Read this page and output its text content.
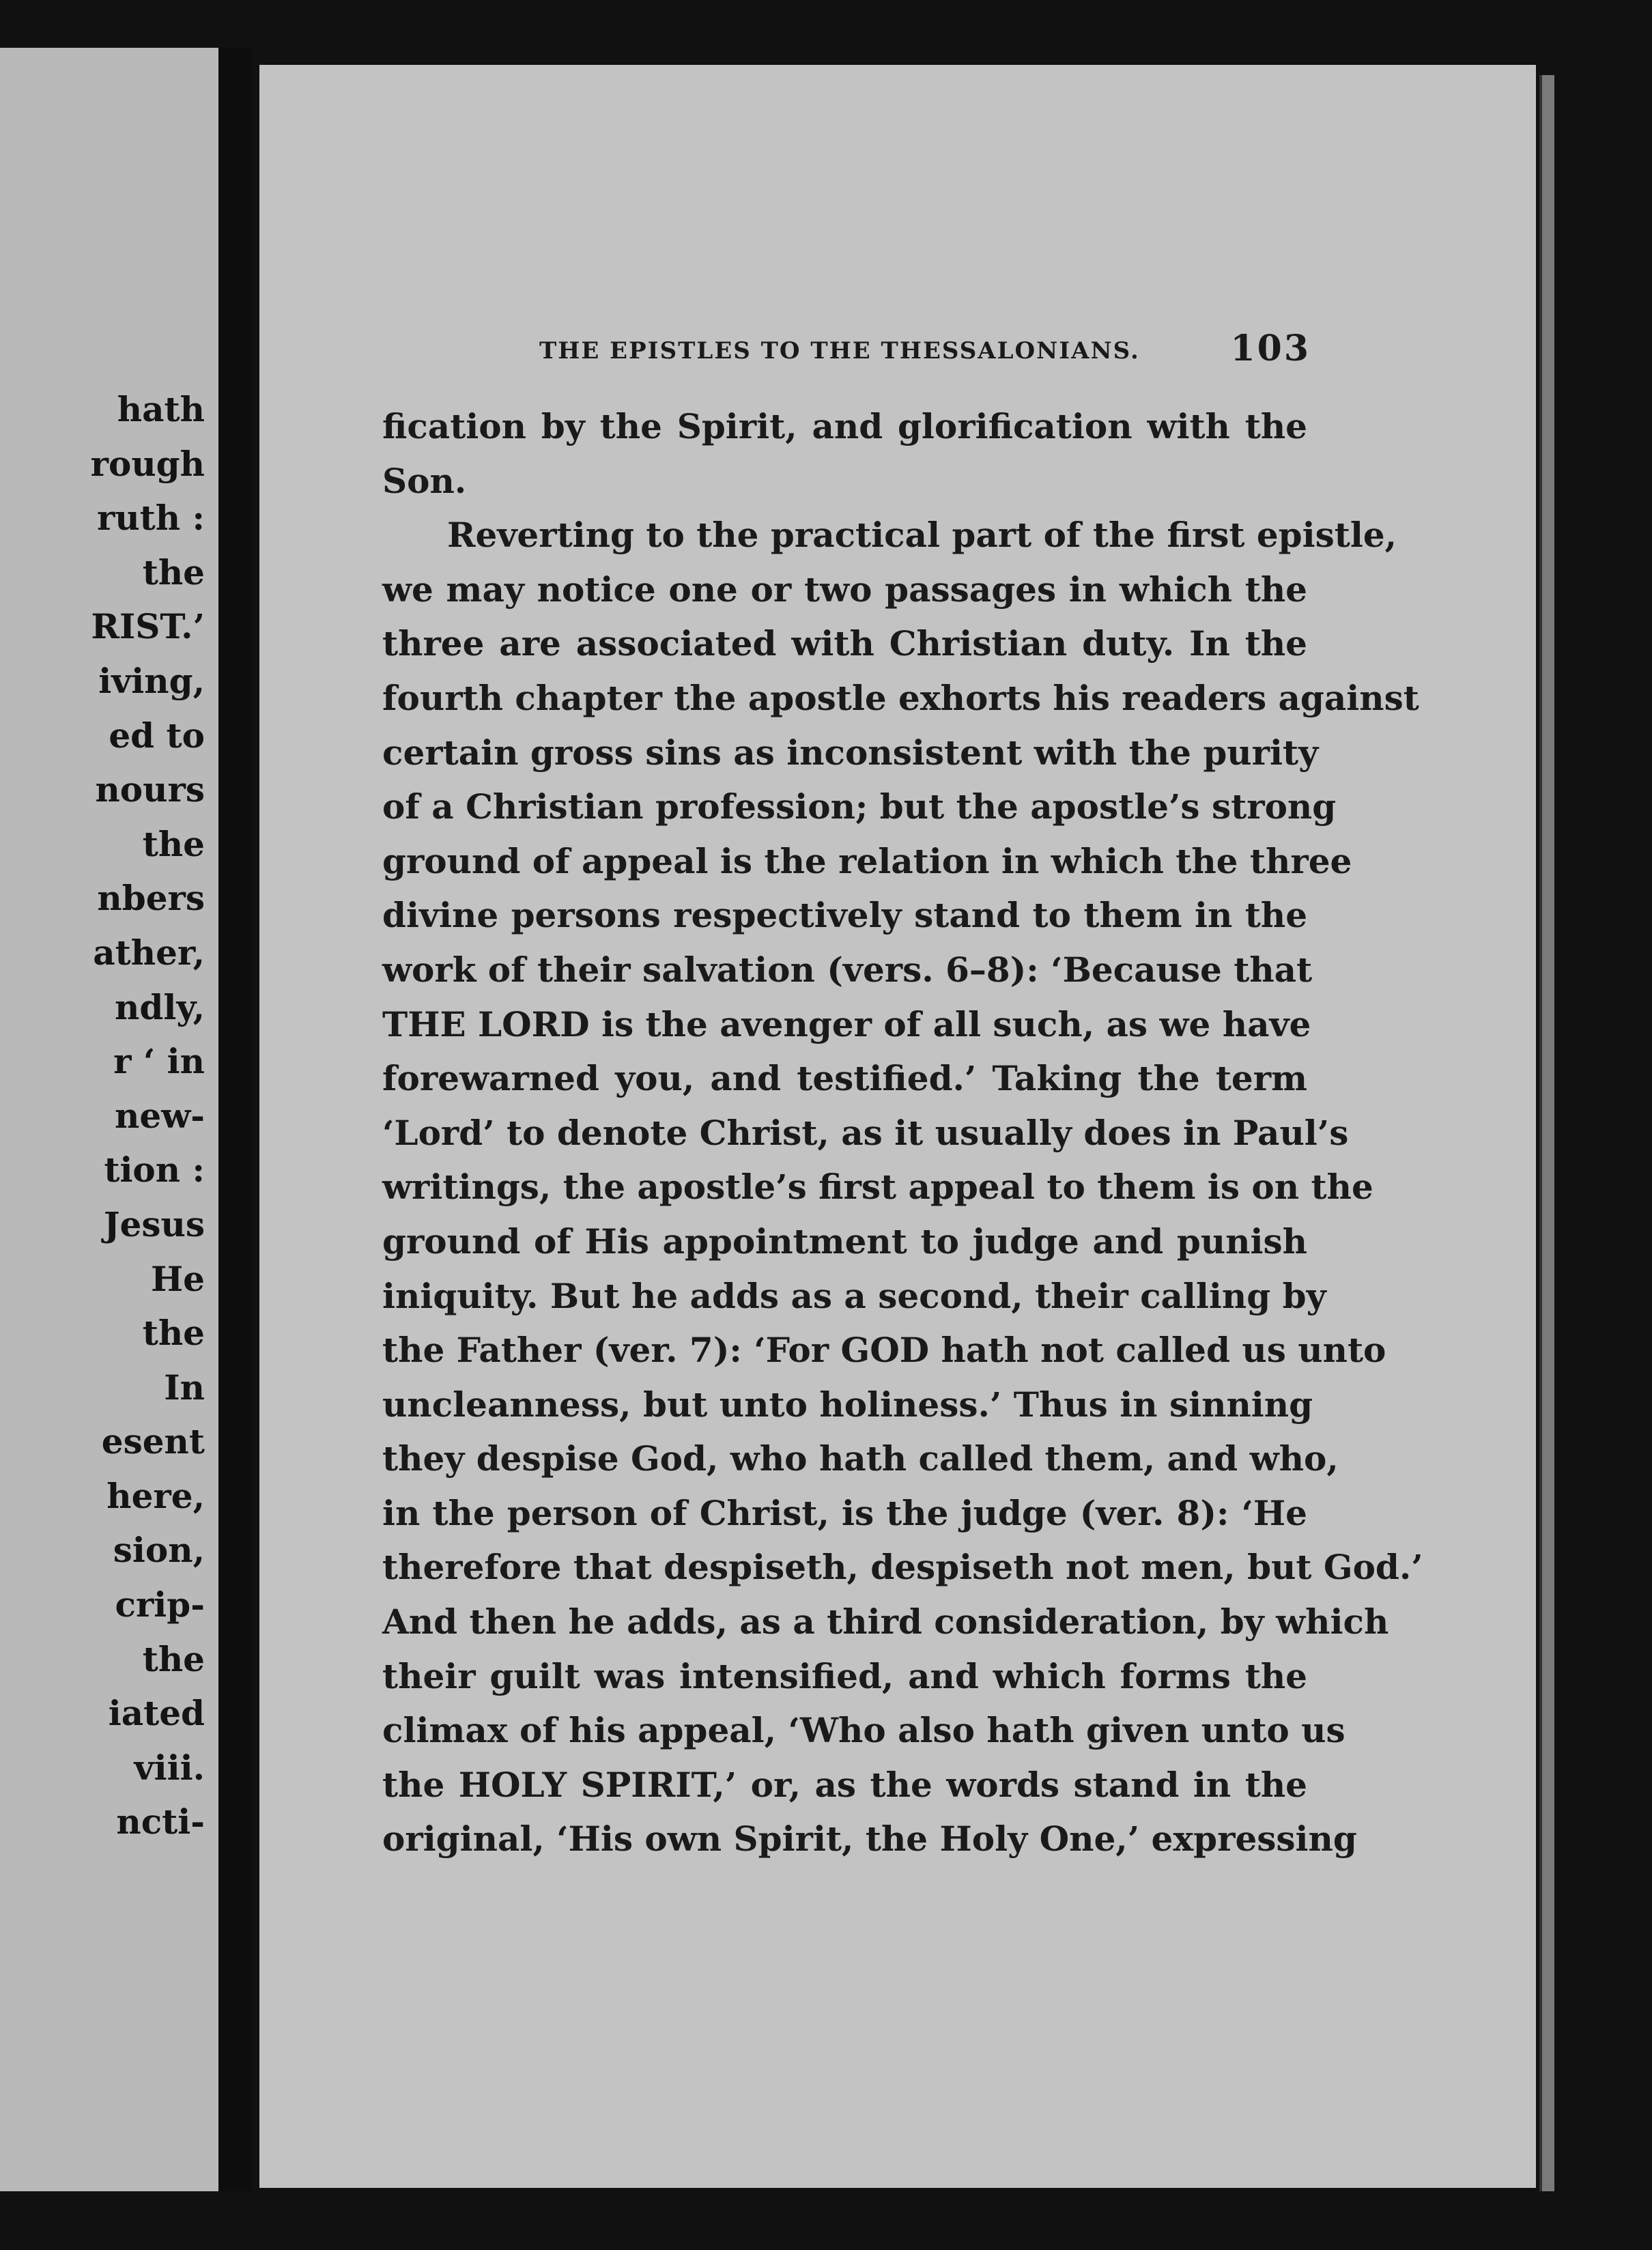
hath
rough
ruth :
the
RIST.’
iving,
ed to
nours
the
nbers
ather,
ndly,
r ‘ in
new-
tion :
Jesus
He
the
In
esent
here,
sion,
crip-
the
iated
viii.
ncti-
THE EPISTLES TO THE THESSALONIANS.	103
fication by the Spirit, and glorification with the
Son.
Reverting to the practical part of the first epistle,
we may notice one or two passages in which the
three are associated with Christian duty. In the
fourth chapter the apostle exhorts his readers against
certain gross sins as inconsistent with the purity
of a Christian profession; but the apostle’s strong
ground of appeal is the relation in which the three
divine persons respectively stand to them in the
work of their salvation (vers. 6–8): ‘Because that
THE LORD is the avenger of all such, as we have
forewarned you, and testified.’ Taking the term
‘Lord’ to denote Christ, as it usually does in Paul’s
writings, the apostle’s first appeal to them is on the
ground of His appointment to judge and punish
iniquity. But he adds as a second, their calling by
the Father (ver. 7): ‘For GOD hath not called us unto
uncleanness, but unto holiness.’ Thus in sinning
they despise God, who hath called them, and who,
in the person of Christ, is the judge (ver. 8): ‘He
therefore that despiseth, despiseth not men, but God.’
And then he adds, as a third consideration, by which
their guilt was intensified, and which forms the
climax of his appeal, ‘Who also hath given unto us
the HOLY SPIRIT,’ or, as the words stand in the
original, ‘His own Spirit, the Holy One,’ expressing
